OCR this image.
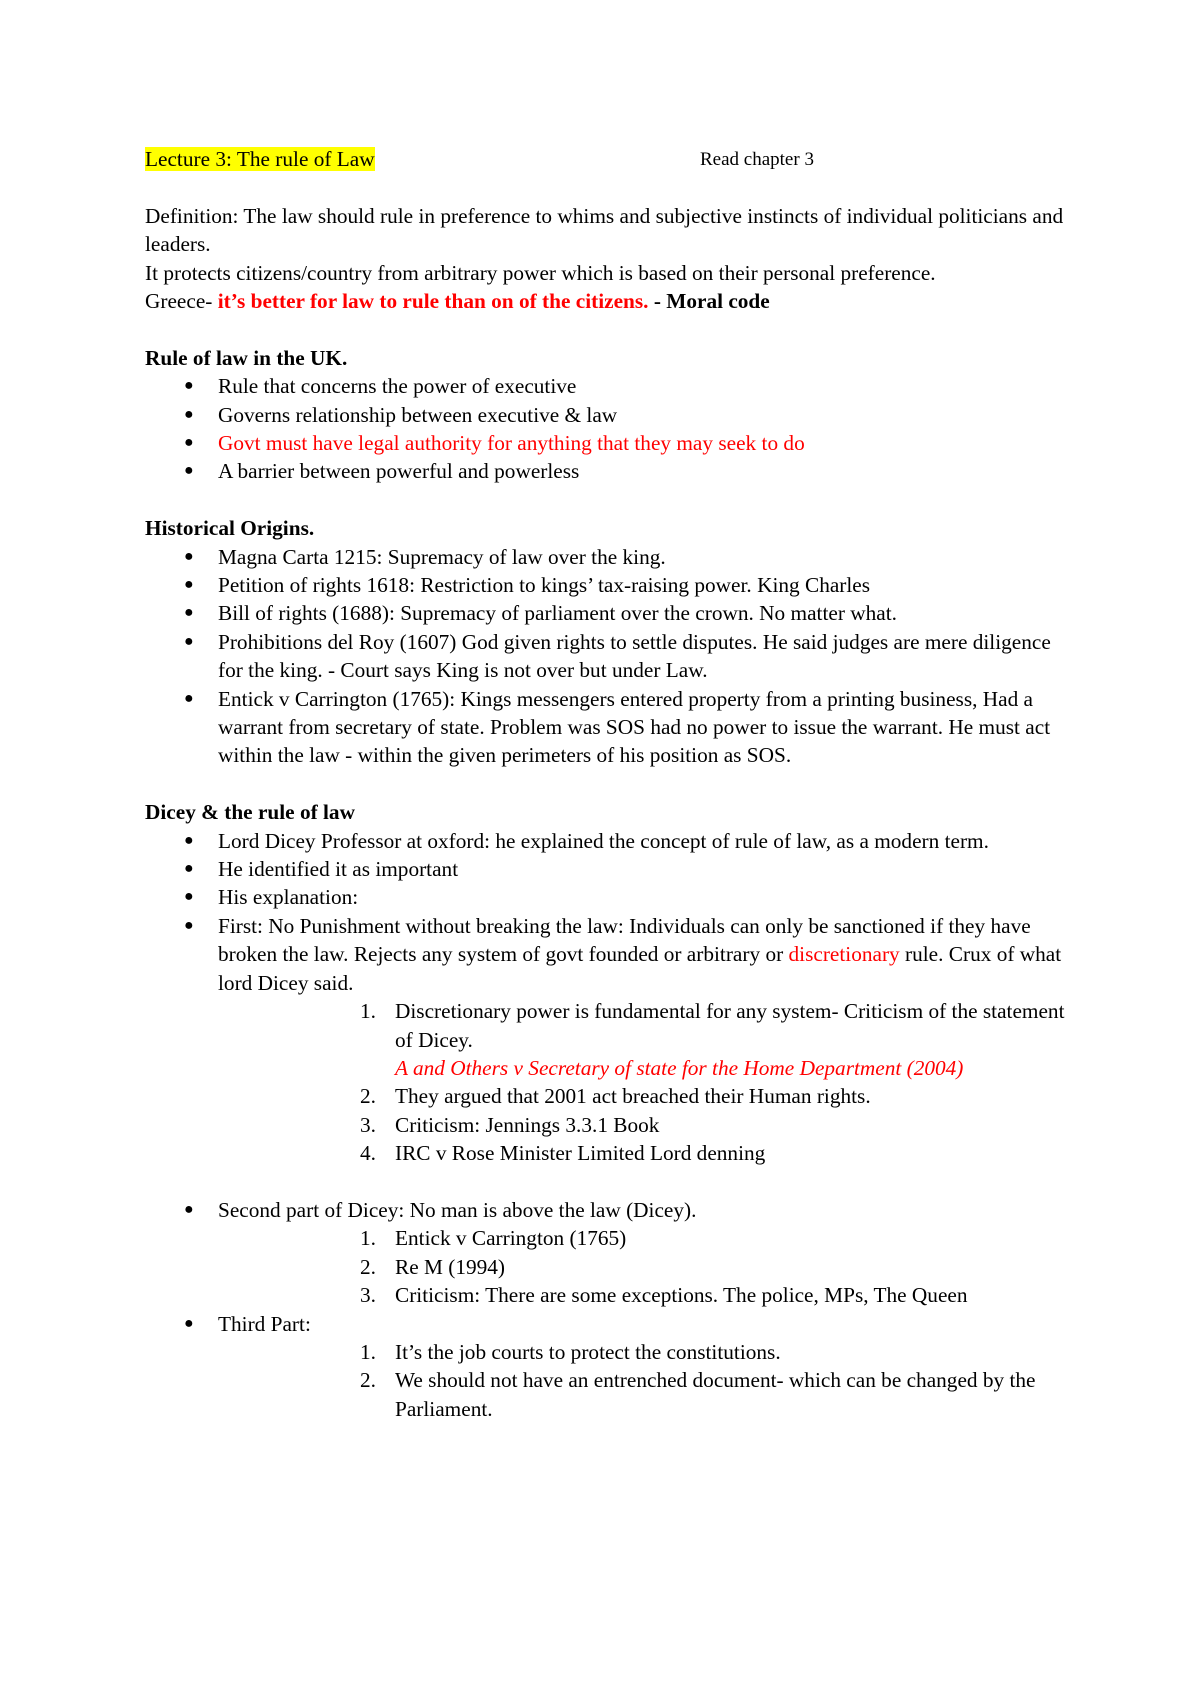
Lecture 3: The rule of Law	Read chapter 3

Definition: The law should rule in preference to whims and subjective instincts of individual politicians and leaders.

It protects citizens/country from arbitrary power which is based on their personal preference.

Greece- it’s better for law to rule than on of the citizens. - Moral code

Rule of law in the UK.
● Rule that concerns the power of executive
● Governs relationship between executive & law
● Govt must have legal authority for anything that they may seek to do
● A barrier between powerful and powerless
Historical Origins.
● Magna Carta 1215: Supremacy of law over the king.
● Petition of rights 1618: Restriction to kings’ tax-raising power. King Charles
● Bill of rights (1688): Supremacy of parliament over the crown. No matter what.
● Prohibitions del Roy (1607) God given rights to settle disputes. He said judges are mere diligence for the king. - Court says King is not over but under Law.
● Entick v Carrington (1765): Kings messengers entered property from a printing business, Had a warrant from secretary of state. Problem was SOS had no power to issue the warrant. He must act within the law - within the given perimeters of his position as SOS.
Dicey & the rule of law
● Lord Dicey Professor at oxford: he explained the concept of rule of law, as a modern term.
● He identified it as important
● His explanation:
● First: No Punishment without breaking the law: Individuals can only be sanctioned if they have broken the law. Rejects any system of govt founded or arbitrary or discretionary rule. Crux of what lord Dicey said.
1. Discretionary power is fundamental for any system- Criticism of the statement of Dicey.
A and Others v Secretary of state for the Home Department (2004)
2. They argued that 2001 act breached their Human rights.
3. Criticism: Jennings 3.3.1 Book
4. IRC v Rose Minister Limited Lord denning
● Second part of Dicey: No man is above the law (Dicey).
1. Entick v Carrington (1765)
2. Re M (1994)
3. Criticism: There are some exceptions. The police, MPs, The Queen
● Third Part:
1. It’s the job courts to protect the constitutions.
2. We should not have an entrenched document- which can be changed by the Parliament.
